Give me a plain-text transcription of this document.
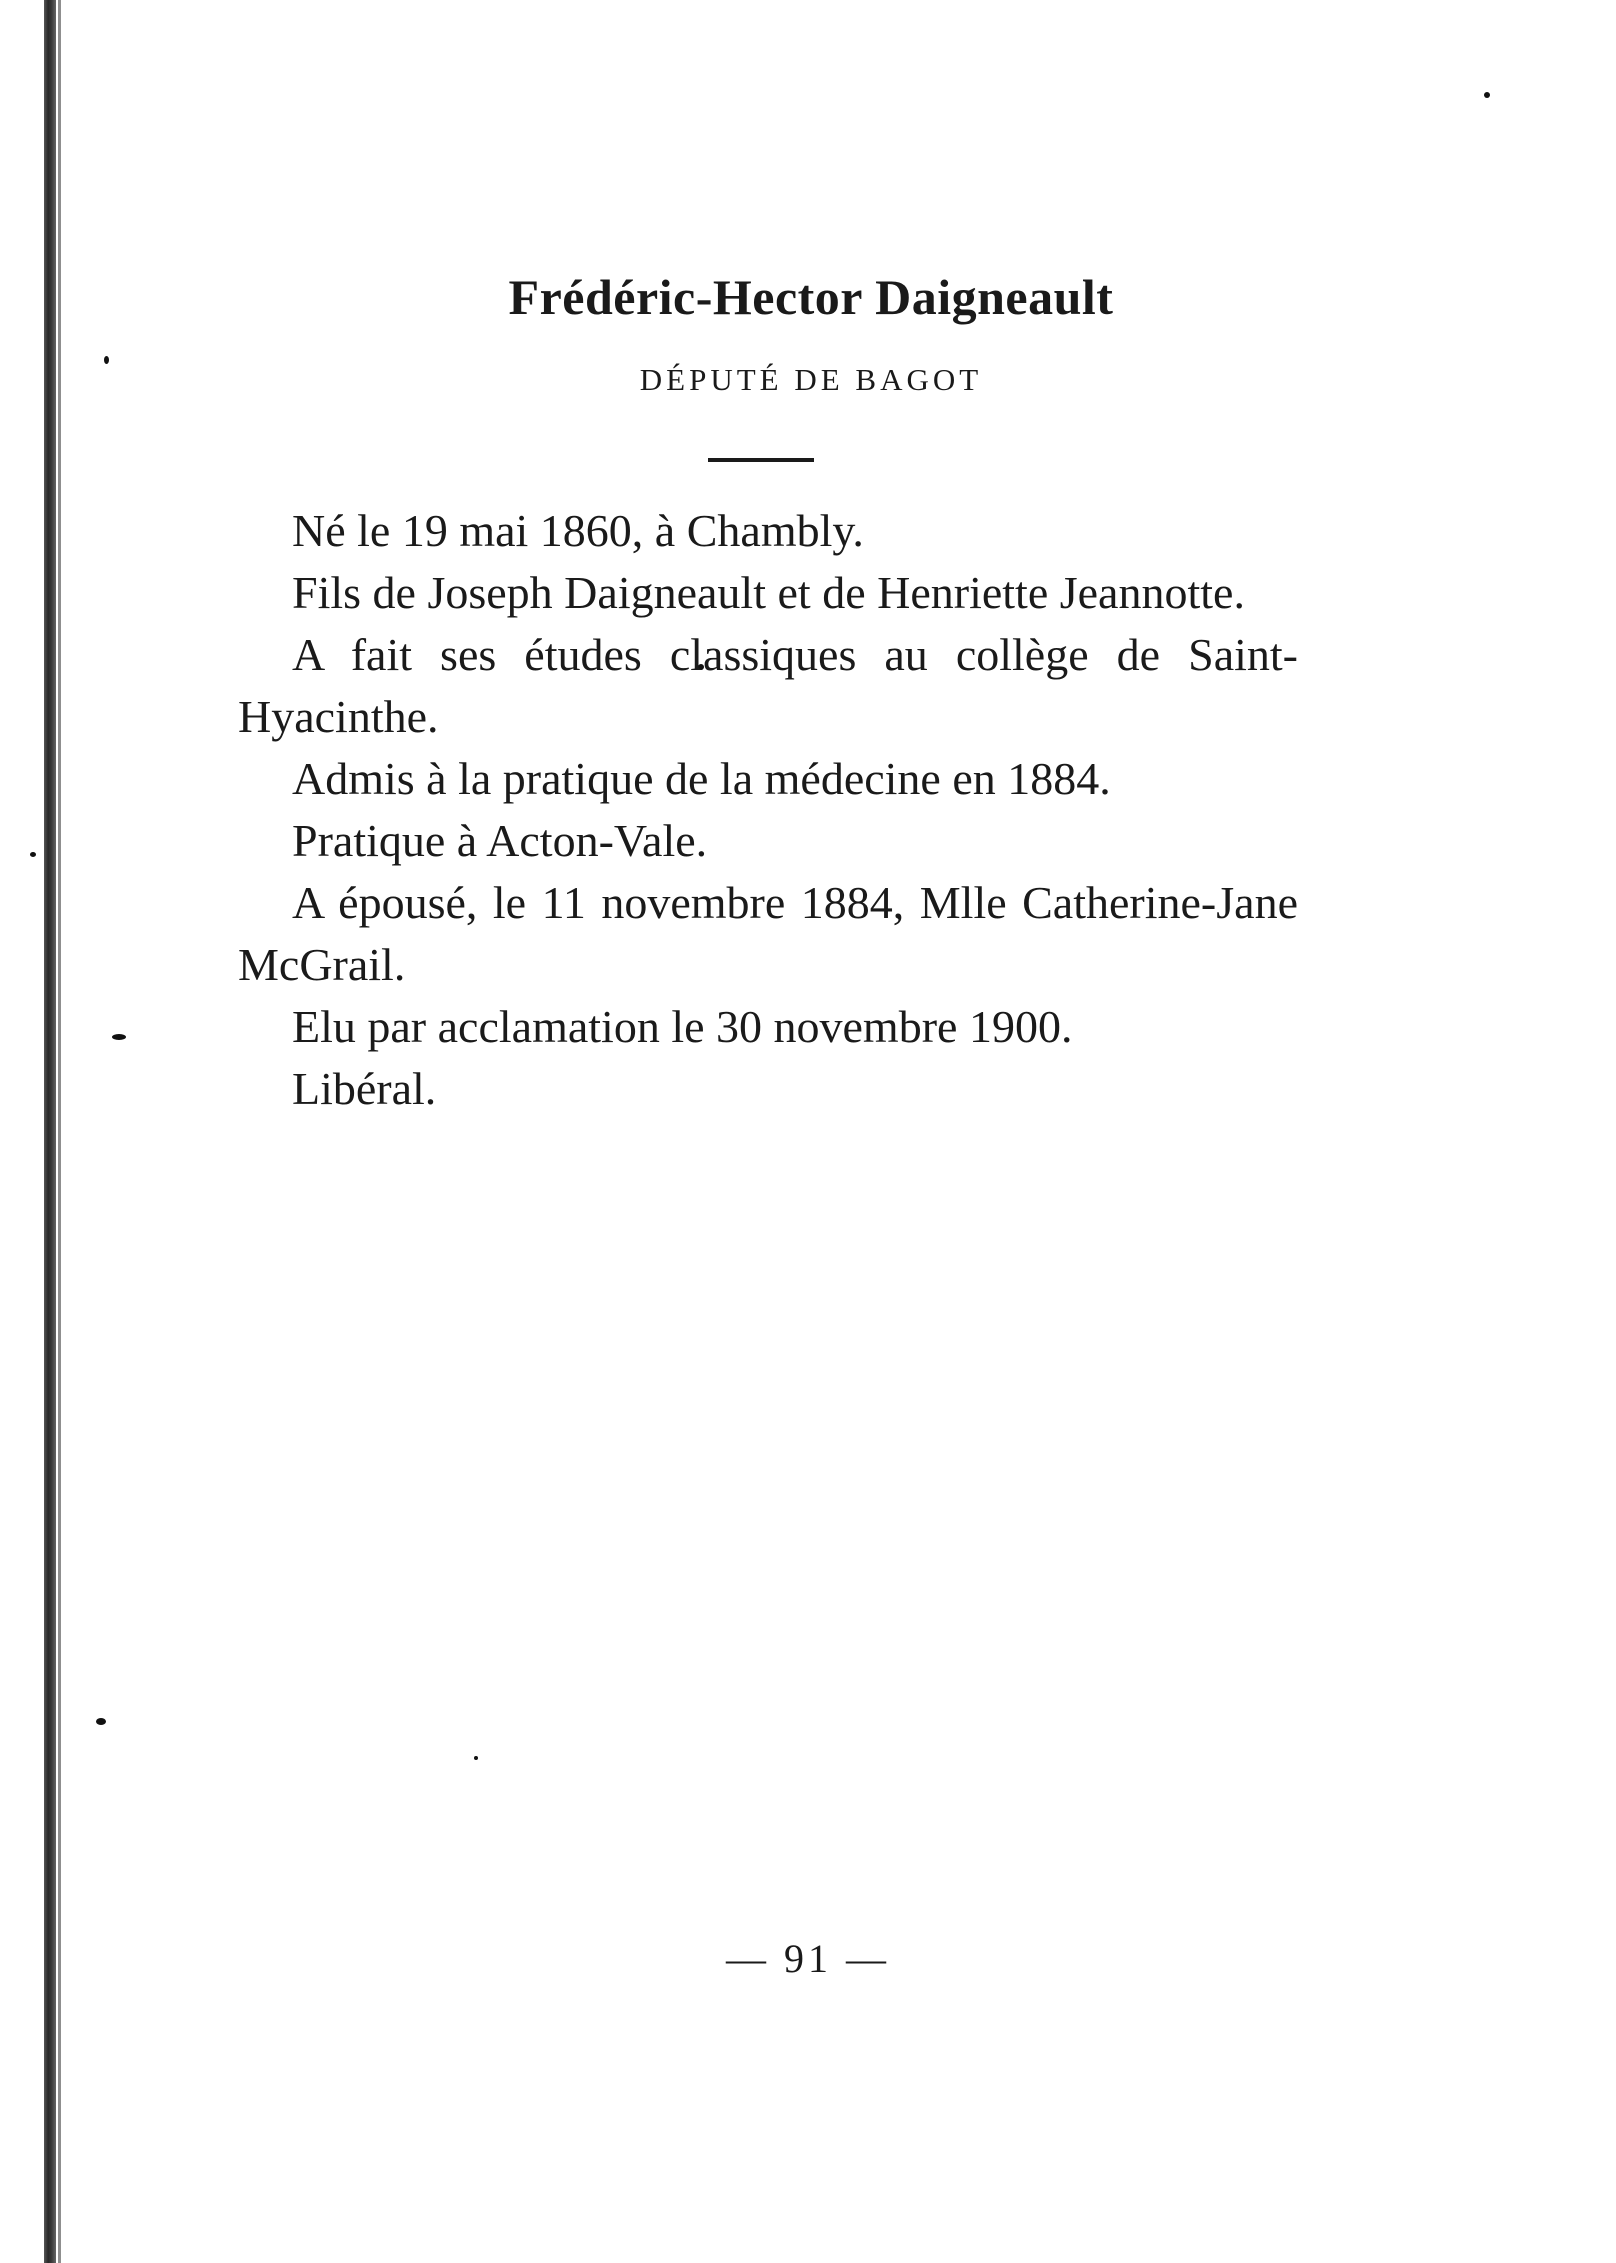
Frédéric-Hector Daigneault
DÉPUTÉ DE BAGOT

Né le 19 mai 1860, à Chambly.

Fils de Joseph Daigneault et de Henriette Jeannotte.

A fait ses études classiques au collège de Saint-Hyacinthe.

Admis à la pratique de la médecine en 1884.

Pratique à Acton-Vale.

A épousé, le 11 novembre 1884, Mlle Catherine-Jane McGrail.

Elu par acclamation le 30 novembre 1900.

Libéral.

— 91 —
